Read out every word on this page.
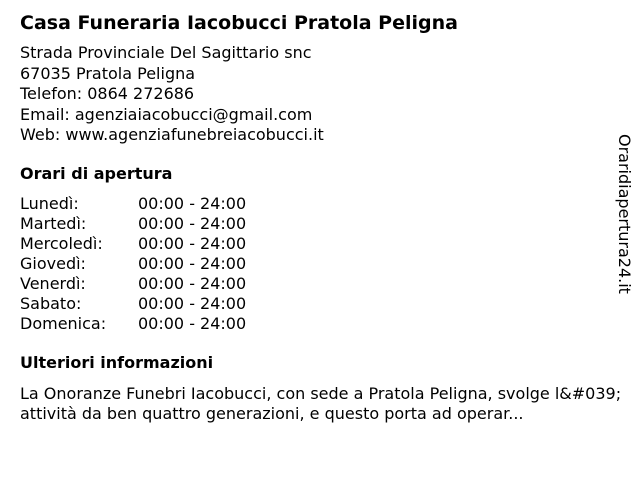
Casa Funeraria Iacobucci Pratola Peligna
Strada Provinciale Del Sagittario snc
67035 Pratola Peligna
Telefon: 0864 272686
Email: agenziaiacobucci@gmail.com
Web: www.agenziafunebreiacobucci.it
Orari di apertura
Lunedì:	00:00 - 24:00
Martedì:	00:00 - 24:00
Mercoledì:	00:00 - 24:00
Giovedì:	00:00 - 24:00
Venerdì:	00:00 - 24:00
Sabato:	00:00 - 24:00
Domenica:	00:00 - 24:00
Ulteriori informazioni

La Onoranze Funebri Iacobucci, con sede a Pratola Peligna, svolge l&#039;attività da ben quattro generazioni, e questo porta ad operar...

Oraridiapertura24.it
